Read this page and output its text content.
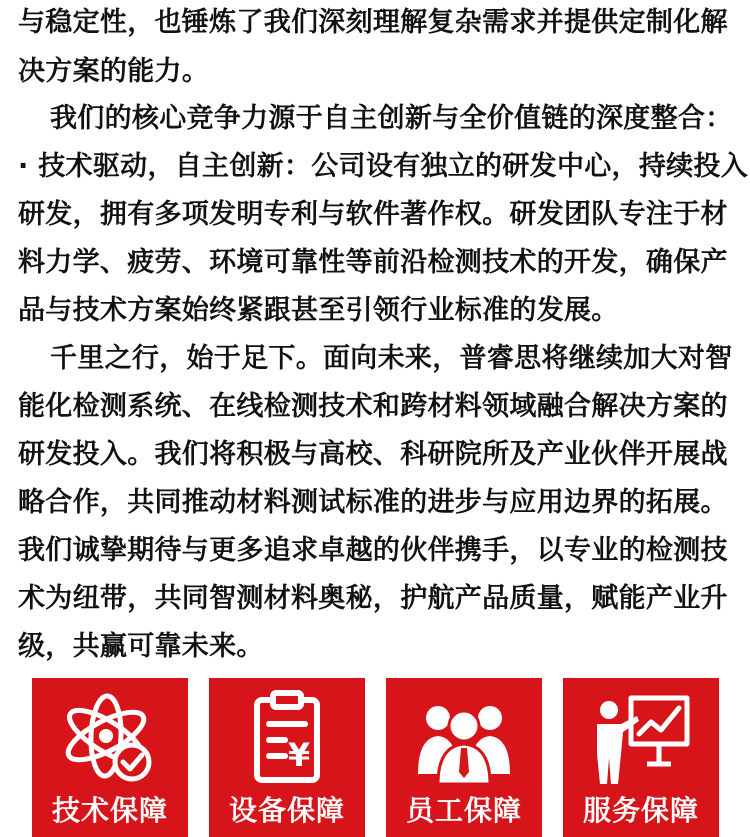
与稳定性，也锤炼了我们深刻理解复杂需求并提供定制化解
决方案的能力。
我们的核心竞争力源于自主创新与全价值链的深度整合：
· 技术驱动，自主创新：公司设有独立的研发中心，持续投入
研发，拥有多项发明专利与软件著作权。研发团队专注于材
料力学、疲劳、环境可靠性等前沿检测技术的开发，确保产
品与技术方案始终紧跟甚至引领行业标准的发展。
千里之行，始于足下。面向未来，普睿思将继续加大对智
能化检测系统、在线检测技术和跨材料领域融合解决方案的
研发投入。我们将积极与高校、科研院所及产业伙伴开展战
略合作，共同推动材料测试标准的进步与应用边界的拓展。
我们诚挚期待与更多追求卓越的伙伴携手，以专业的检测技
术为纽带，共同智测材料奥秘，护航产品质量，赋能产业升
级，共赢可靠未来。
技术保障
¥
设备保障	员工保障	服务保障
